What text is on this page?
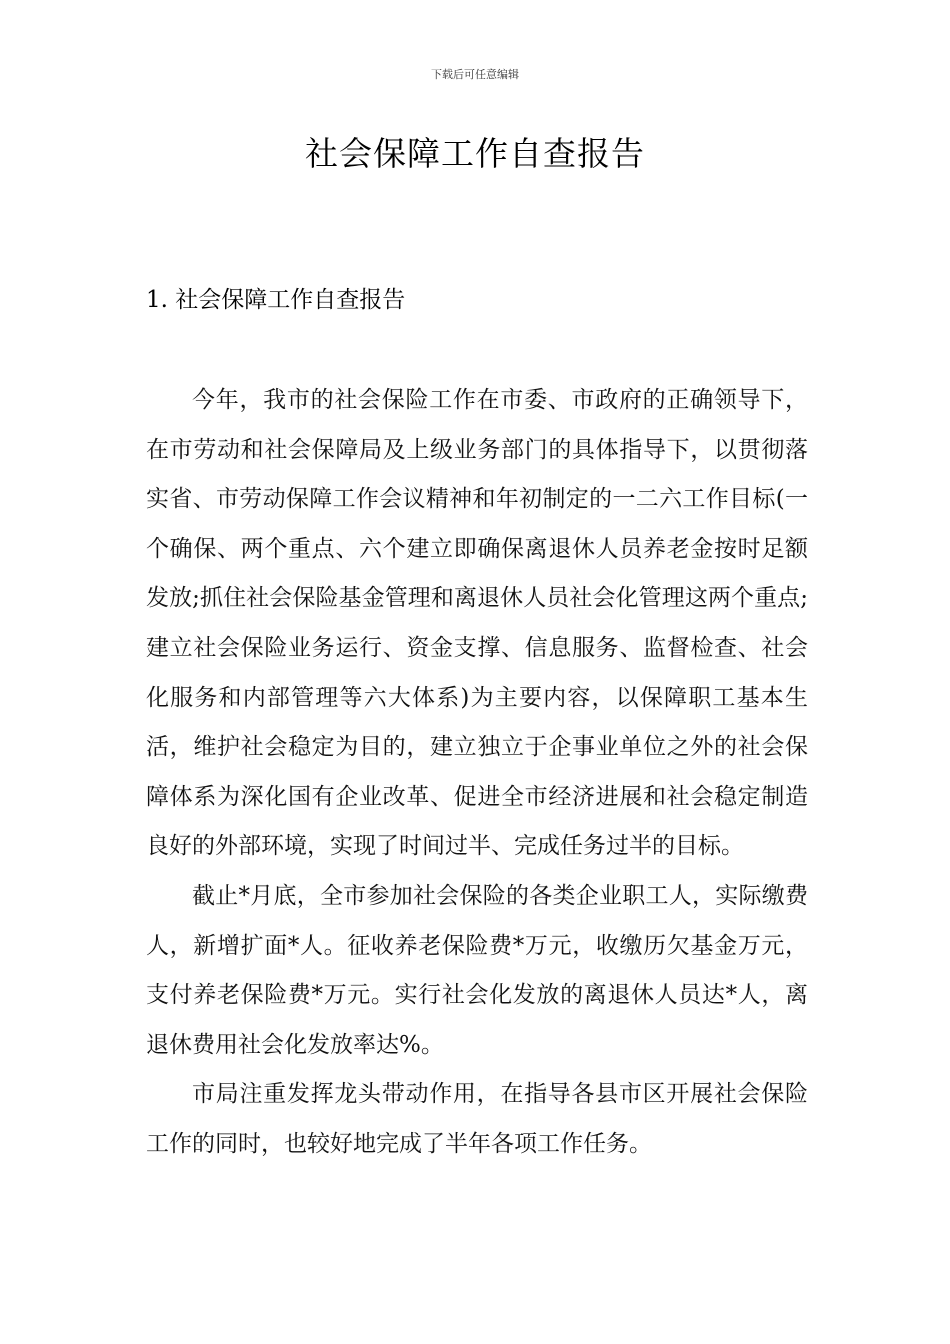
下载后可任意编辑
社会保障工作自查报告
1. 社会保障工作自查报告

今年，我市的社会保险工作在市委、市政府的正确领导下，在市劳动和社会保障局及上级业务部门的具体指导下，以贯彻落实省、市劳动保障工作会议精神和年初制定的一二六工作目标(一个确保、两个重点、六个建立即确保离退休人员养老金按时足额发放;抓住社会保险基金管理和离退休人员社会化管理这两个重点;建立社会保险业务运行、资金支撑、信息服务、监督检查、社会化服务和内部管理等六大体系)为主要内容，以保障职工基本生活，维护社会稳定为目的，建立独立于企事业单位之外的社会保障体系为深化国有企业改革、促进全市经济进展和社会稳定制造良好的外部环境，实现了时间过半、完成任务过半的目标。

截止*月底，全市参加社会保险的各类企业职工人，实际缴费人，新增扩面*人。征收养老保险费*万元，收缴历欠基金万元，支付养老保险费*万元。实行社会化发放的离退休人员达*人，离退休费用社会化发放率达%。

市局注重发挥龙头带动作用，在指导各县市区开展社会保险工作的同时，也较好地完成了半年各项工作任务。
